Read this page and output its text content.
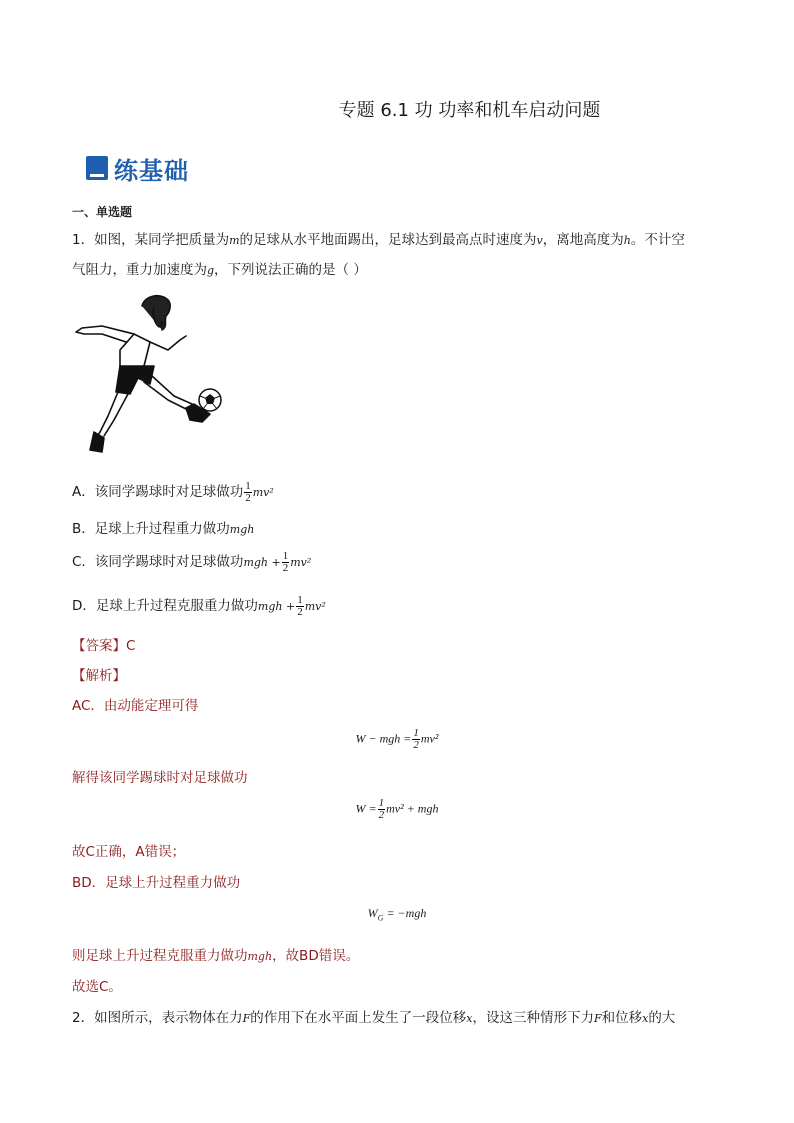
专题 6.1 功 功率和机车启动问题
练基础
一、单选题
1．如图，某同学把质量为m的足球从水平地面踢出，足球达到最高点时速度为v，离地高度为h。不计空
气阻力，重力加速度为g，下列说法正确的是（ ）
A．该同学踢球时对足球做功 $\frac{1}{2} mv^2$
B．足球上升过程重力做功mgh
C．该同学踢球时对足球做功mgh + $\frac{1}{2} mv^2$
D．足球上升过程克服重力做功mgh + $\frac{1}{2} mv^2$
【答案】C
【解析】
AC．由动能定理可得
W − mgh = $\frac{1}{2} mv^2$
解得该同学踢球时对足球做功
$W = \frac{1}{2} mv^2$ + mgh
故C正确，A错误；
BD．足球上升过程重力做功
$W_G = -mgh$
则足球上升过程克服重力做功mgh，故BD错误。
故选C。
2．如图所示，表示物体在力F的作用下在水平面上发生了一段位移x，设这三种情形下力F和位移x的大
